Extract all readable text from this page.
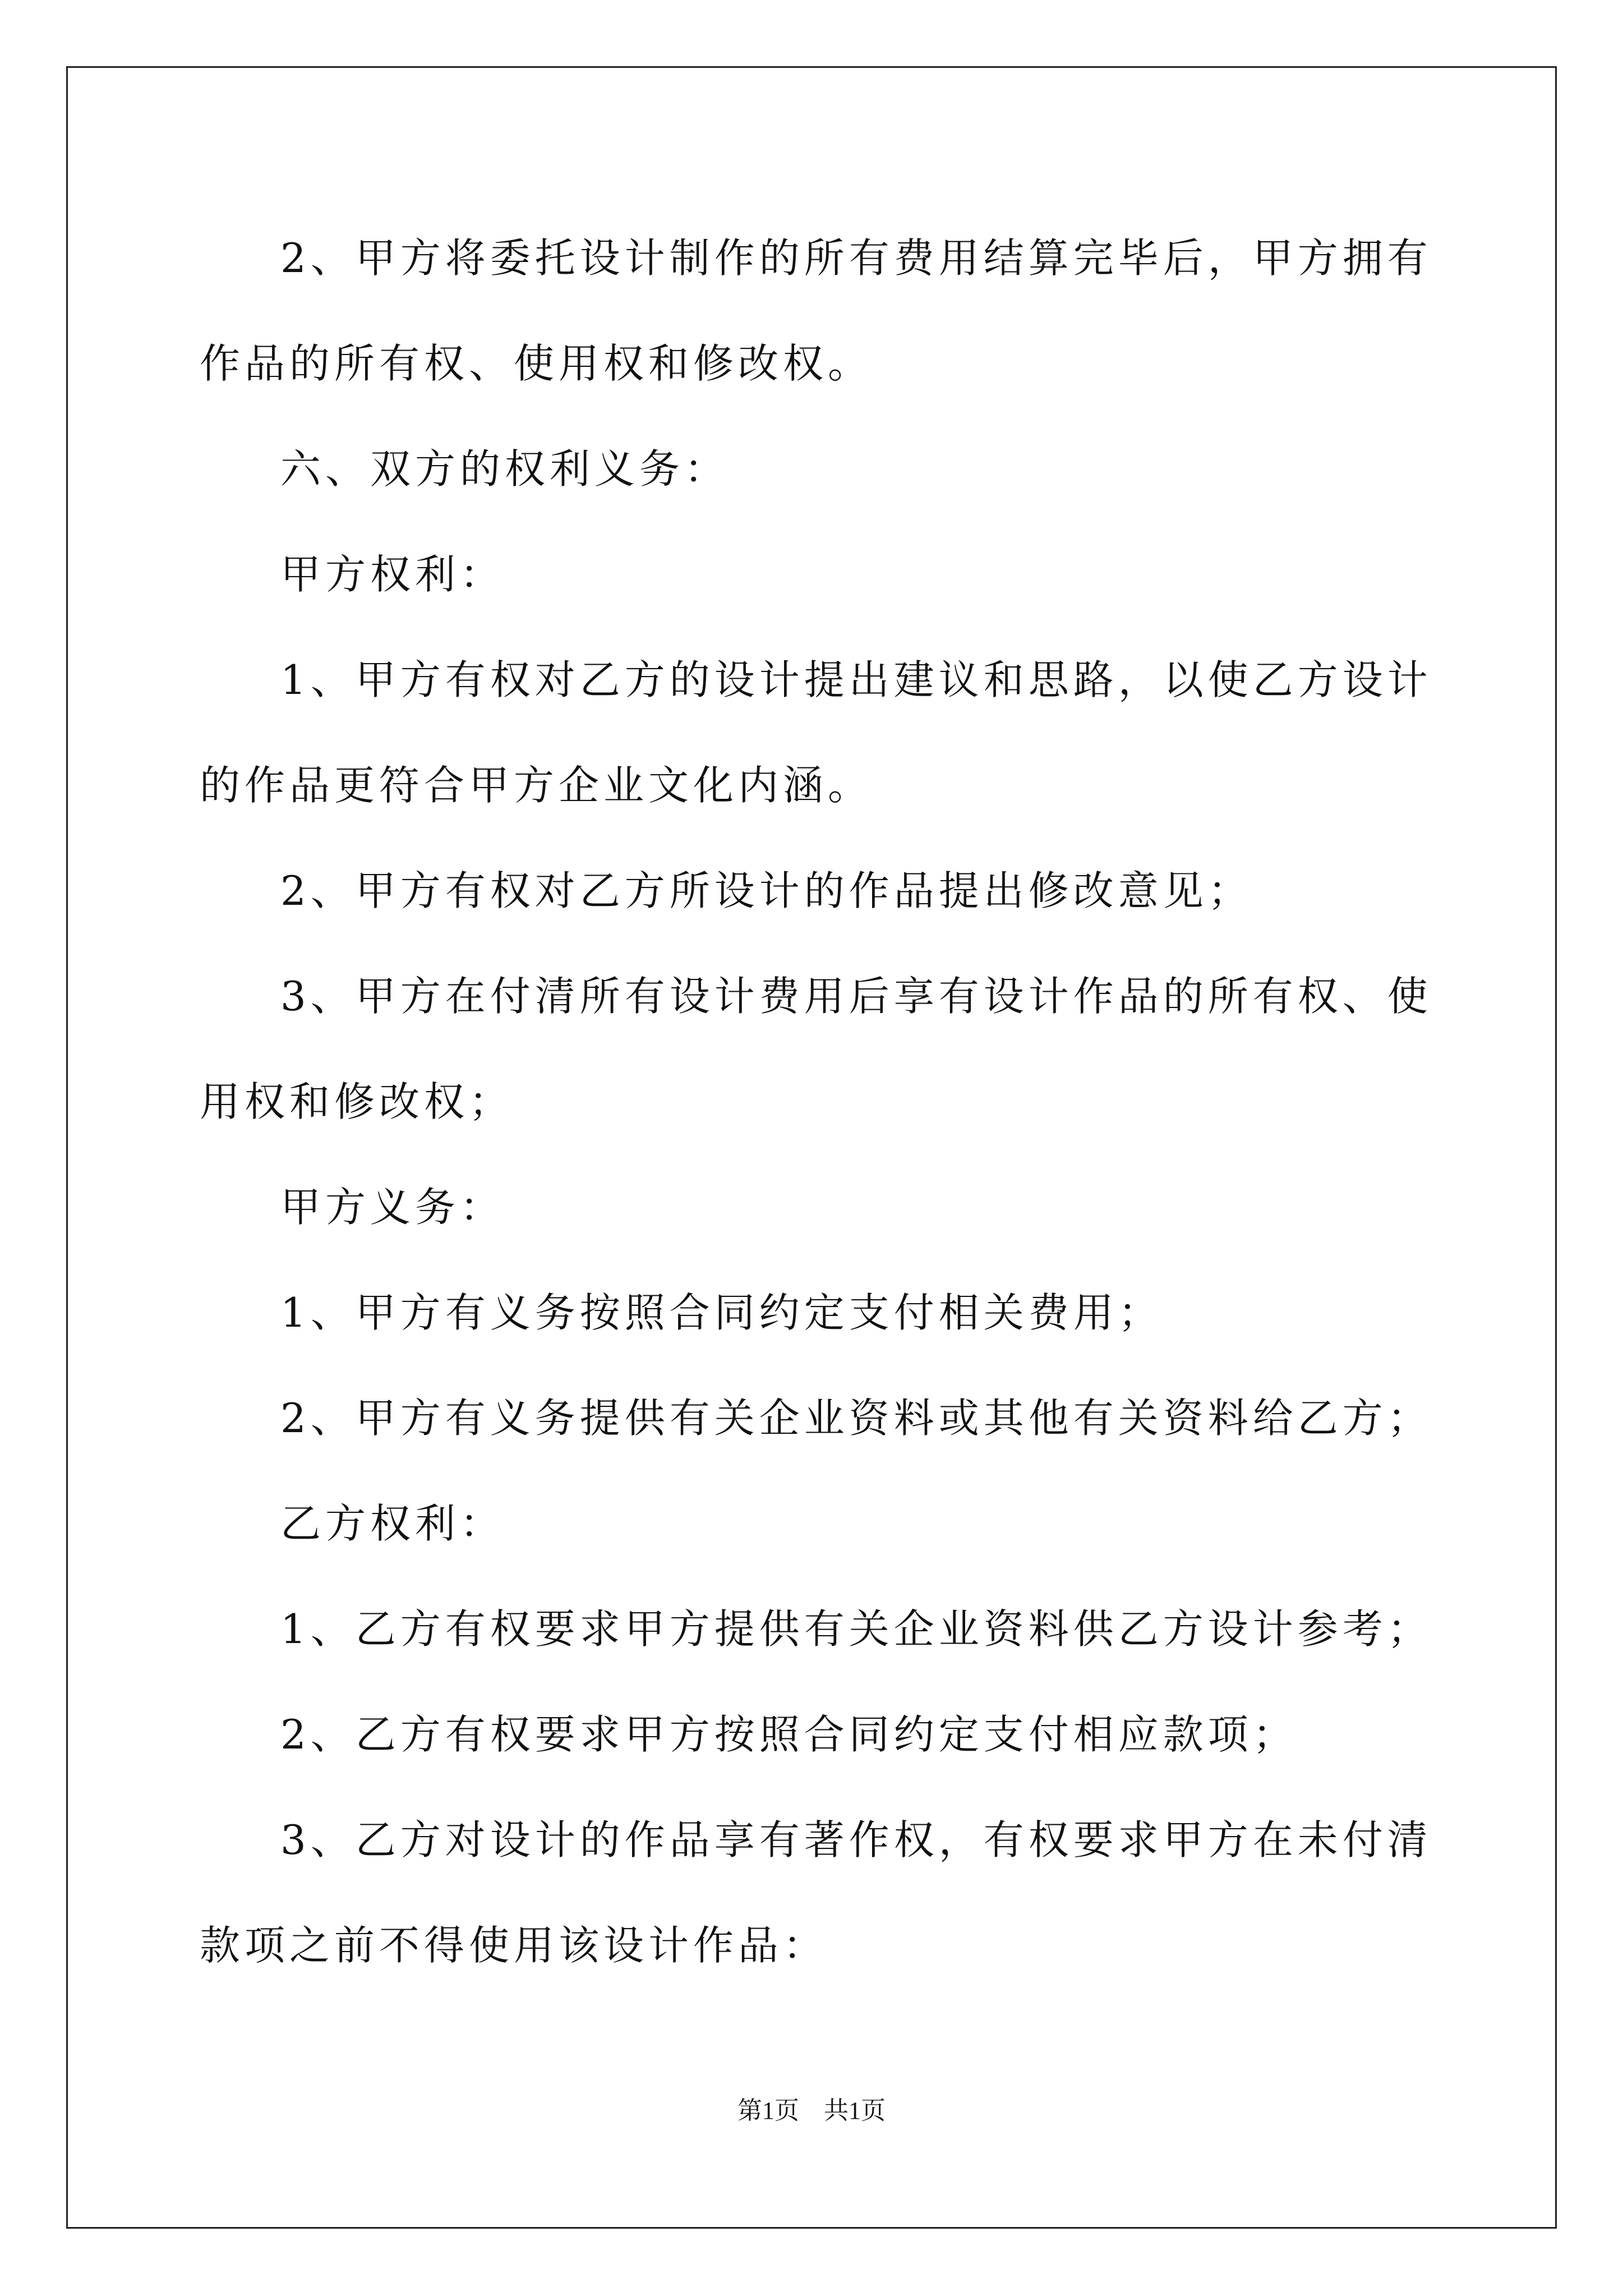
2、甲方将委托设计制作的所有费用结算完毕后，甲方拥有作品的所有权、使用权和修改权。

六、双方的权利义务：

甲方权利：

1、甲方有权对乙方的设计提出建议和思路，以使乙方设计的作品更符合甲方企业文化内涵。

2、甲方有权对乙方所设计的作品提出修改意见；

3、甲方在付清所有设计费用后享有设计作品的所有权、使用权和修改权；

甲方义务：

1、甲方有义务按照合同约定支付相关费用；

2、甲方有义务提供有关企业资料或其他有关资料给乙方；

乙方权利：

1、乙方有权要求甲方提供有关企业资料供乙方设计参考；

2、乙方有权要求甲方按照合同约定支付相应款项；

3、乙方对设计的作品享有著作权，有权要求甲方在未付清款项之前不得使用该设计作品：

第1页 共1页
